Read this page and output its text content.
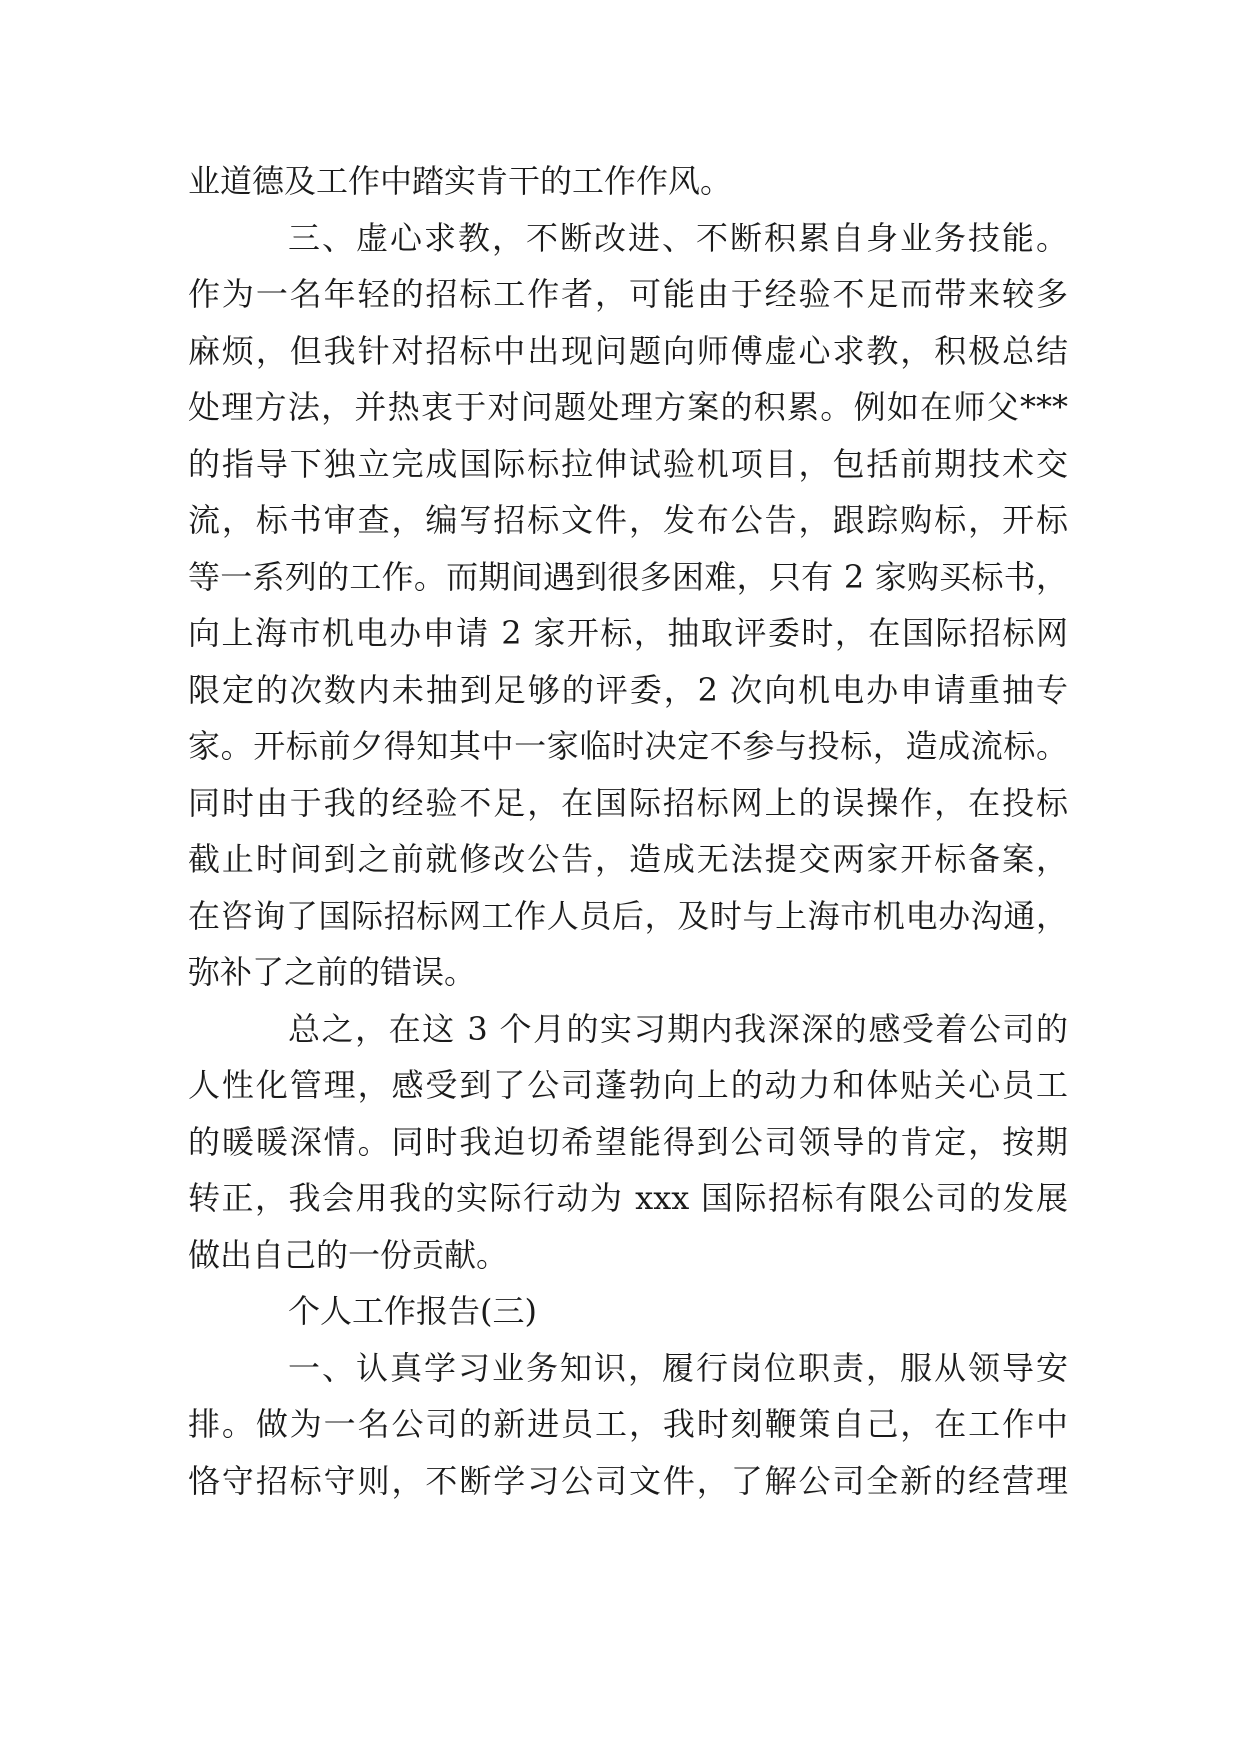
业道德及工作中踏实肯干的工作作风。
三、虚心求教，不断改进、不断积累自身业务技能。
作为一名年轻的招标工作者，可能由于经验不足而带来较多
麻烦，但我针对招标中出现问题向师傅虚心求教，积极总结
处理方法，并热衷于对问题处理方案的积累。例如在师父***
的指导下独立完成国际标拉伸试验机项目，包括前期技术交
流，标书审查，编写招标文件，发布公告，跟踪购标，开标
等一系列的工作。而期间遇到很多困难，只有 2 家购买标书，
向上海市机电办申请 2 家开标，抽取评委时，在国际招标网
限定的次数内未抽到足够的评委，2 次向机电办申请重抽专
家。开标前夕得知其中一家临时决定不参与投标，造成流标。
同时由于我的经验不足，在国际招标网上的误操作，在投标
截止时间到之前就修改公告，造成无法提交两家开标备案，
在咨询了国际招标网工作人员后，及时与上海市机电办沟通，
弥补了之前的错误。
总之，在这 3 个月的实习期内我深深的感受着公司的
人性化管理，感受到了公司蓬勃向上的动力和体贴关心员工
的暖暖深情。同时我迫切希望能得到公司领导的肯定，按期
转正，我会用我的实际行动为 xxx 国际招标有限公司的发展
做出自己的一份贡献。
个人工作报告(三)
一、认真学习业务知识，履行岗位职责，服从领导安
排。做为一名公司的新进员工，我时刻鞭策自己，在工作中
恪守招标守则，不断学习公司文件，了解公司全新的经营理
